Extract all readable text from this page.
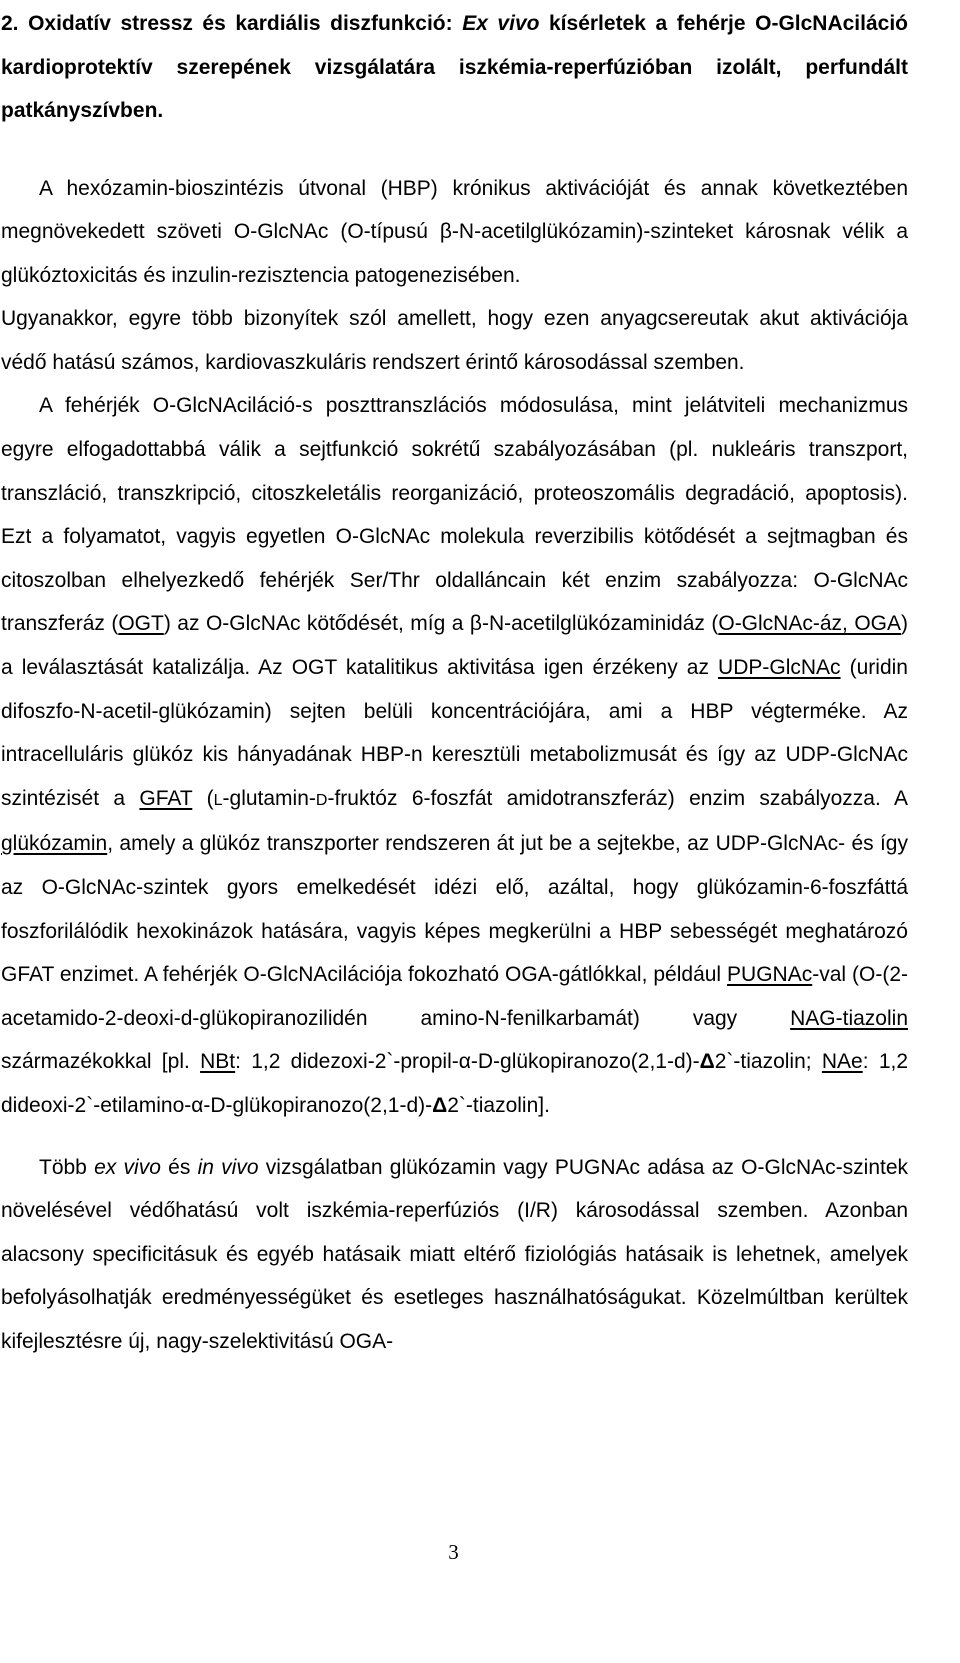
2. Oxidatív stressz és kardiális diszfunkció: Ex vivo kísérletek a fehérje O-GlcNAciláció kardioprotektív szerepének vizsgálatára iszkémia-reperfúzióban izolált, perfundált patkányszívben.

A hexózamin-bioszintézis útvonal (HBP) krónikus aktivációját és annak következtében megnövekedett szöveti O-GlcNAc (O-típusú β-N-acetilglükózamin)-szinteket károsnak vélik a glükóztoxicitás és inzulin-rezisztencia patogenezisében.

Ugyanakkor, egyre több bizonyítek szól amellett, hogy ezen anyagcsereutak akut aktivációja védő hatású számos, kardiovaszkuláris rendszert érintő károsodással szemben.

A fehérjék O-GlcNAciláció-s poszttranszlációs módosulása, mint jelátviteli mechanizmus egyre elfogadottabbá válik a sejtfunkció sokrétű szabályozásában (pl. nukleáris transzport, transzláció, transzkripció, citoszkeletális reorganizáció, proteoszomális degradáció, apoptosis). Ezt a folyamatot, vagyis egyetlen O-GlcNAc molekula reverzibilis kötődését a sejtmagban és citoszolban elhelyezkedő fehérjék Ser/Thr oldalláncain két enzim szabályozza: O-GlcNAc transzferáz (OGT) az O-GlcNAc kötődését, míg a β-N-acetilglükózaminidáz (O-GlcNAc-áz, OGA) a leválasztását katalizálja. Az OGT katalitikus aktivitása igen érzékeny az UDP-GlcNAc (uridin difoszfo-N-acetil-glükózamin) sejten belüli koncentrációjára, ami a HBP végterméke. Az intracelluláris glükóz kis hányadának HBP-n keresztüli metabolizmusát és így az UDP-GlcNAc szintézisét a GFAT (L-glutamin-D-fruktóz 6-foszfát amidotranszferáz) enzim szabályozza. A glükózamin, amely a glükóz transzporter rendszeren át jut be a sejtekbe, az UDP-GlcNAc- és így az O-GlcNAc-szintek gyors emelkedését idézi elő, azáltal, hogy glükózamin-6-foszfáttá foszforilálódik hexokinázok hatására, vagyis képes megkerülni a HBP sebességét meghatározó GFAT enzimet. A fehérjék O-GlcNAcilációja fokozható OGA-gátlókkal, például PUGNAc-val (O-(2-acetamido-2-deoxi-d-glükopiranozilidén amino-N-fenilkarbamát) vagy NAG-tiazolin származékokkal [pl. NBt: 1,2 didezoxi-2`-propil-α-D-glükopiranozo(2,1-d)-Δ2`-tiazolin; NAe: 1,2 dideoxi-2`-etilamino-α-D-glükopiranozo(2,1-d)-Δ2`-tiazolin].

Több ex vivo és in vivo vizsgálatban glükózamin vagy PUGNAc adása az O-GlcNAc-szintek növelésével védőhatású volt iszkémia-reperfúziós (I/R) károsodással szemben. Azonban alacsony specificitásuk és egyéb hatásaik miatt eltérő fiziológiás hatásaik is lehetnek, amelyek befolyásolhatják eredményességüket és esetleges használhatóságukat. Közelmúltban kerültek kifejlesztésre új, nagy-szelektivitású OGA-

3
